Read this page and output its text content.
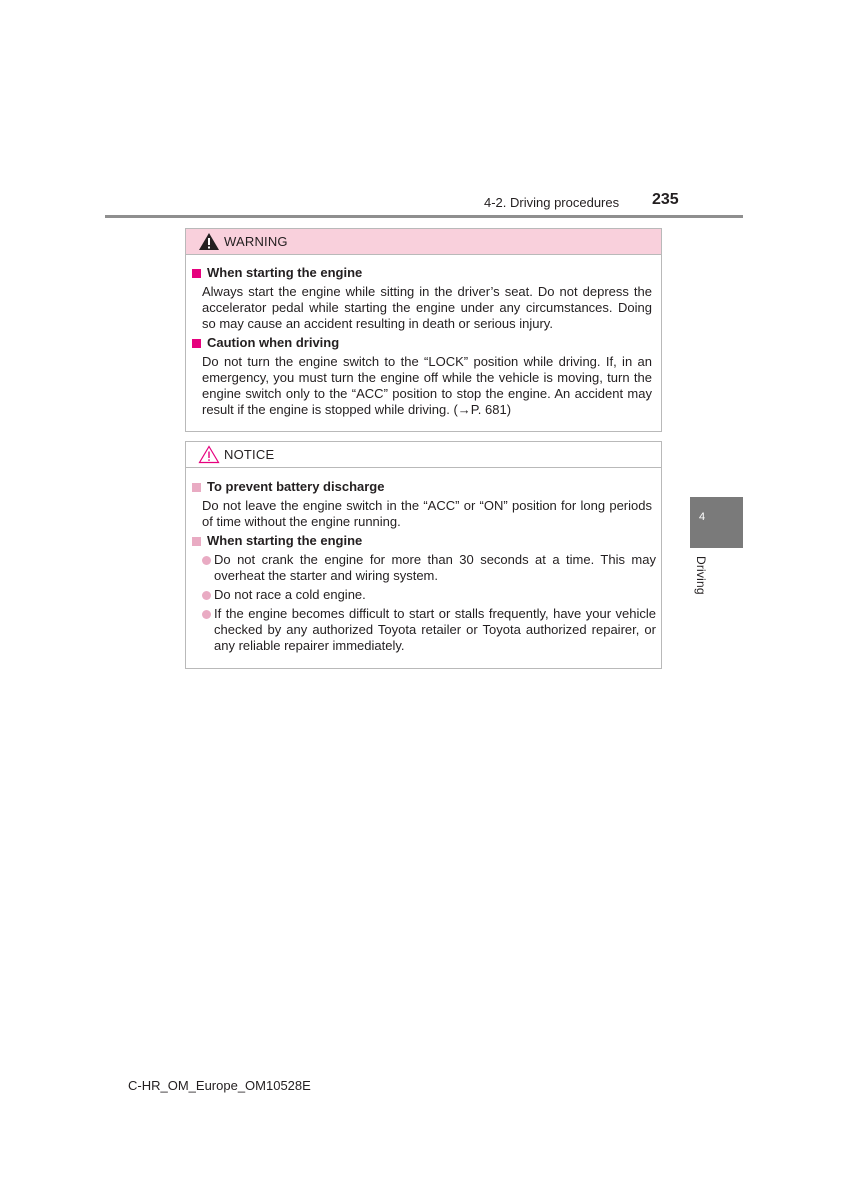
4-2. Driving procedures 235
4
Driving
WARNING
When starting the engine
Always start the engine while sitting in the driver’s seat. Do not depress the accelerator pedal while starting the engine under any circumstances. Doing so may cause an accident resulting in death or serious injury.
Caution when driving
Do not turn the engine switch to the “LOCK” position while driving. If, in an emergency, you must turn the engine off while the vehicle is moving, turn the engine switch only to the “ACC” position to stop the engine. An accident may result if the engine is stopped while driving. (→P. 681)
NOTICE
To prevent battery discharge
Do not leave the engine switch in the “ACC” or “ON” position for long periods of time without the engine running.
When starting the engine
Do not crank the engine for more than 30 seconds at a time. This may overheat the starter and wiring system.
Do not race a cold engine.
If the engine becomes difficult to start or stalls frequently, have your vehicle checked by any authorized Toyota retailer or Toyota authorized repairer, or any reliable repairer immediately.
C-HR_OM_Europe_OM10528E
